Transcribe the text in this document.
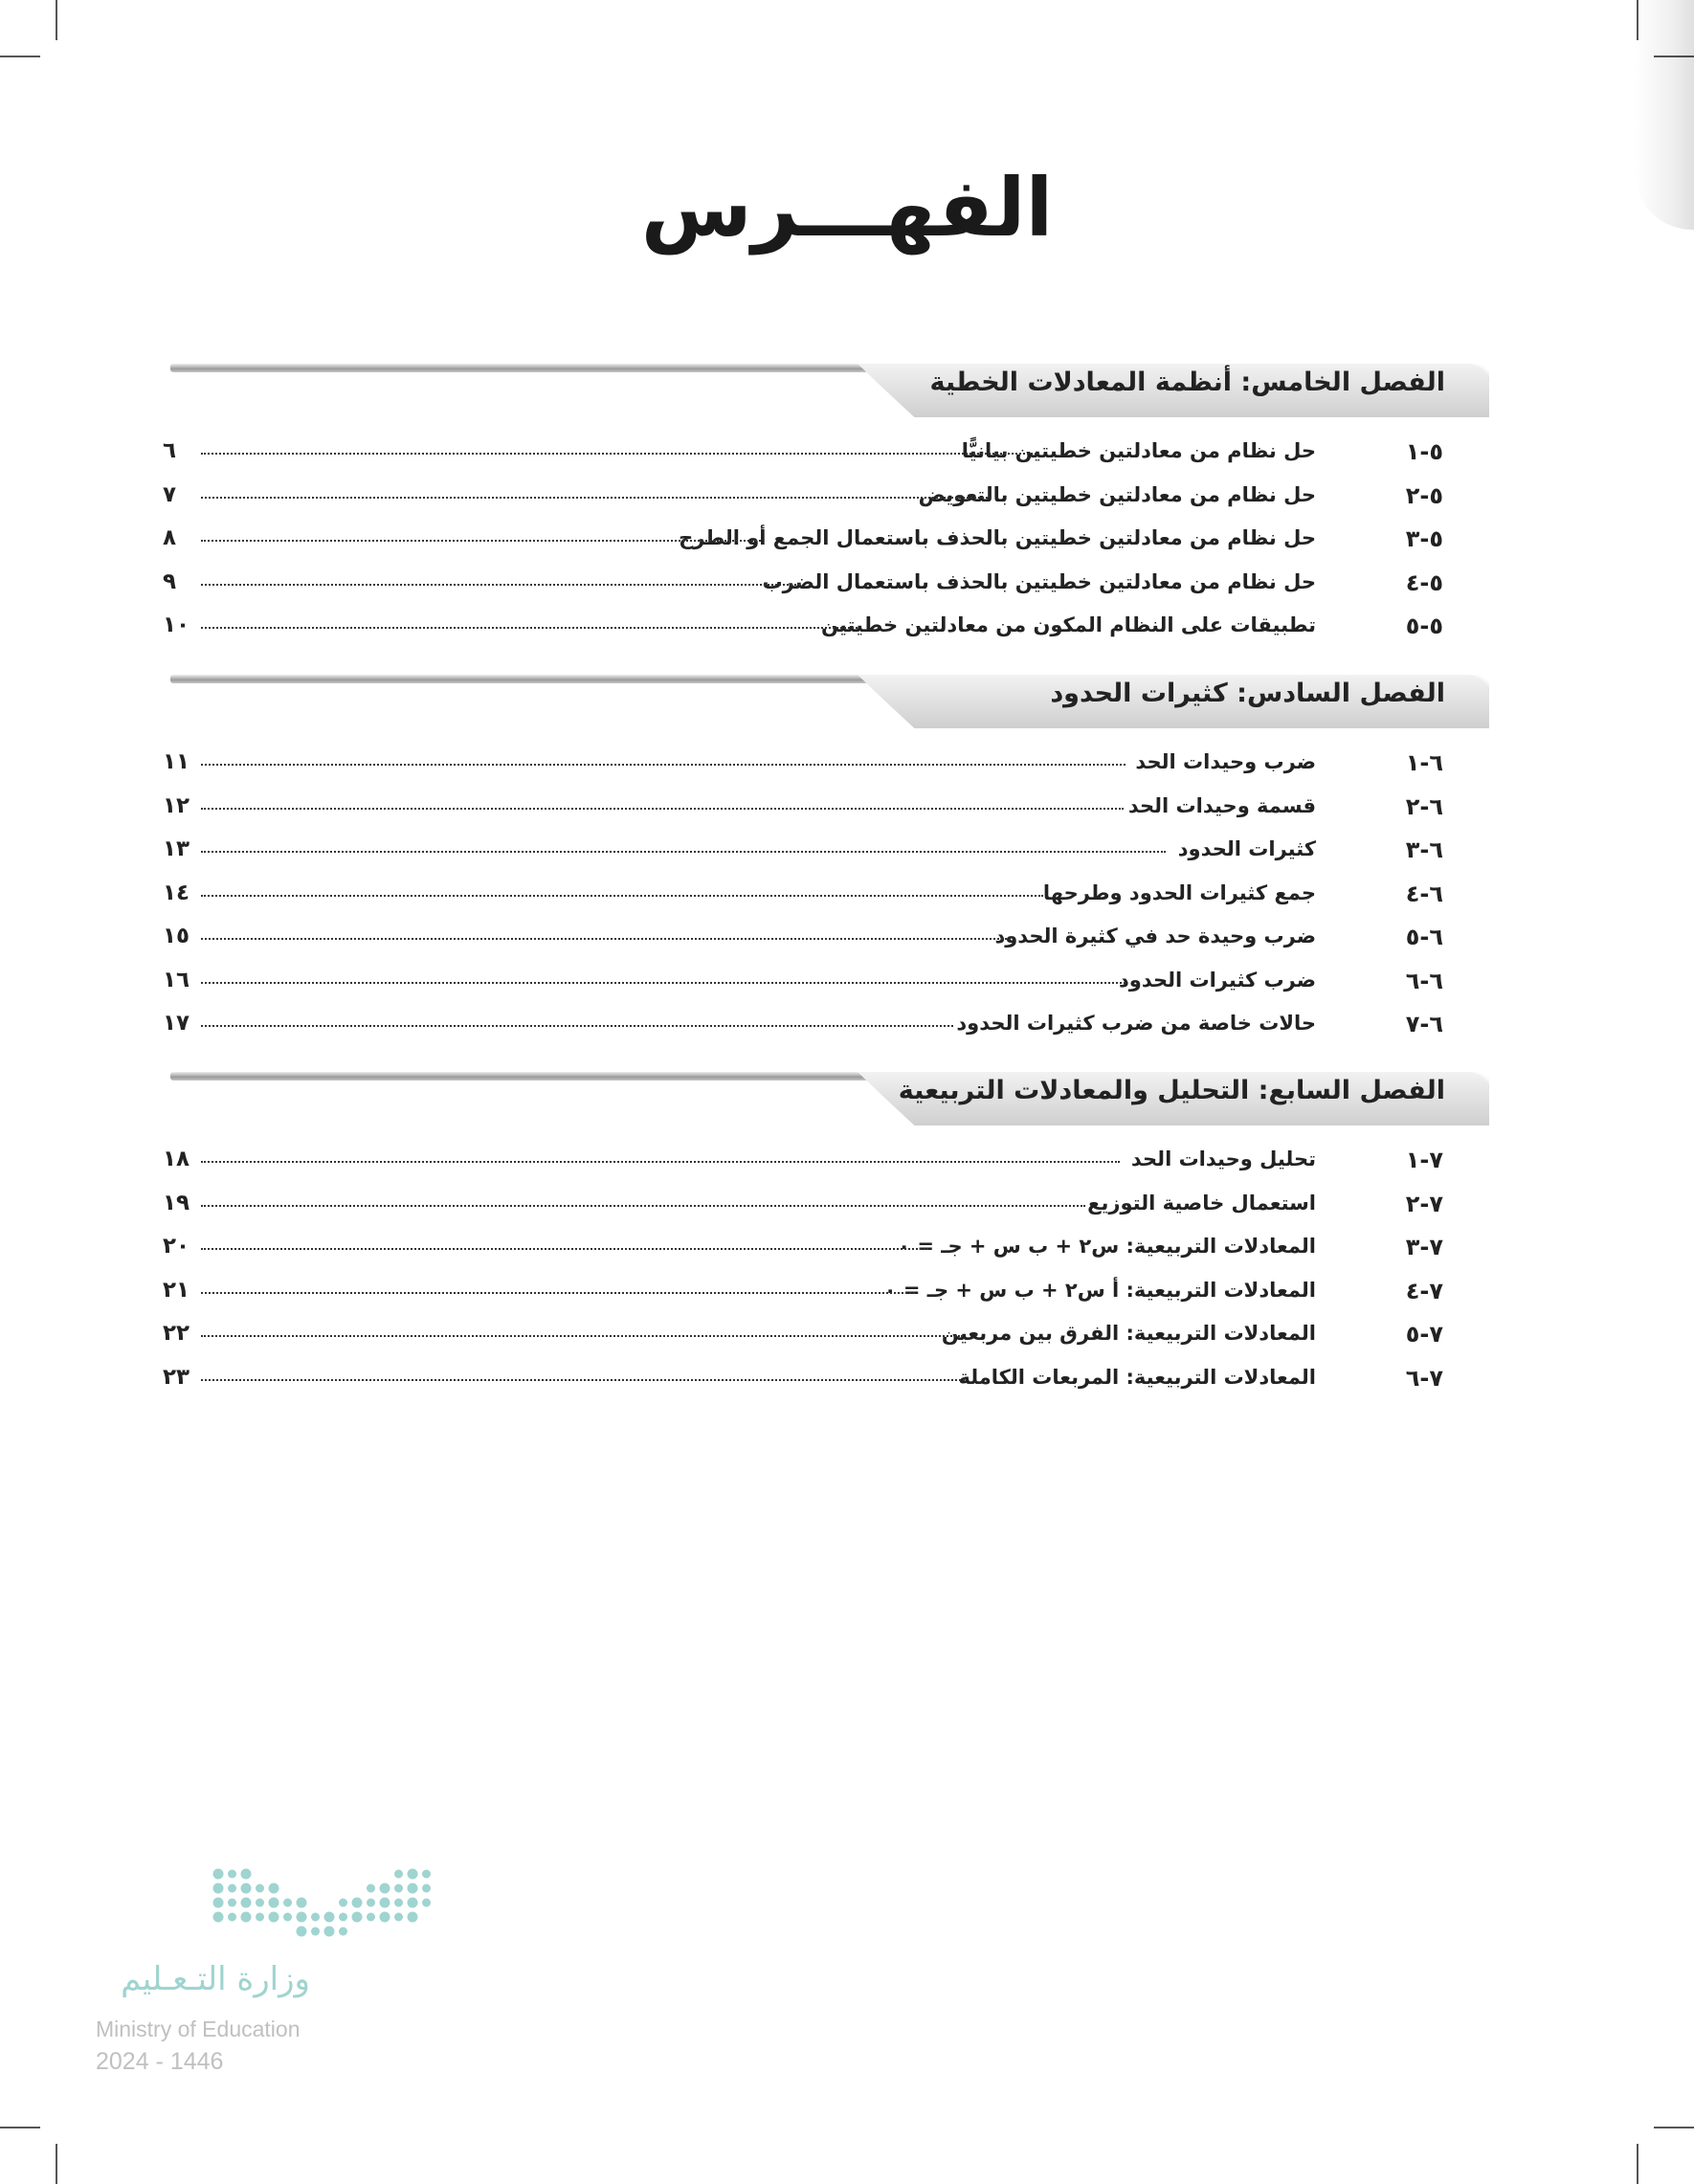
الفهـــرس
الفصل الخامس: أنظمة المعادلات الخطية
٥-١
حل نظام من معادلتين خطيتين بيانيًّا
٦
٥-٢
حل نظام من معادلتين خطيتين بالتعويض
٧
٥-٣
حل نظام من معادلتين خطيتين بالحذف باستعمال الجمع أو الطرح
٨
٥-٤
حل نظام من معادلتين خطيتين بالحذف باستعمال الضرب
٩
٥-٥
تطبيقات على النظام المكون من معادلتين خطيتين
١٠
الفصل السادس: كثيرات الحدود
٦-١
ضرب وحيدات الحد
١١
٦-٢
قسمة وحيدات الحد
١٢
٦-٣
كثيرات الحدود
١٣
٦-٤
جمع كثيرات الحدود وطرحها
١٤
٦-٥
ضرب وحيدة حد في كثيرة الحدود
١٥
٦-٦
ضرب كثيرات الحدود
١٦
٦-٧
حالات خاصة من ضرب كثيرات الحدود
١٧
الفصل السابع: التحليل والمعادلات التربيعية
٧-١
تحليل وحيدات الحد
١٨
٧-٢
استعمال خاصية التوزيع
١٩
٧-٣
المعادلات التربيعية: س٢ + ب س + جـ = ٠
٢٠
٧-٤
المعادلات التربيعية: أ س٢ + ب س + جـ = ٠
٢١
٧-٥
المعادلات التربيعية: الفرق بين مربعين
٢٢
٧-٦
المعادلات التربيعية: المربعات الكاملة
٢٣
وزارة التـعـليم
Ministry of Education
2024 - 1446
